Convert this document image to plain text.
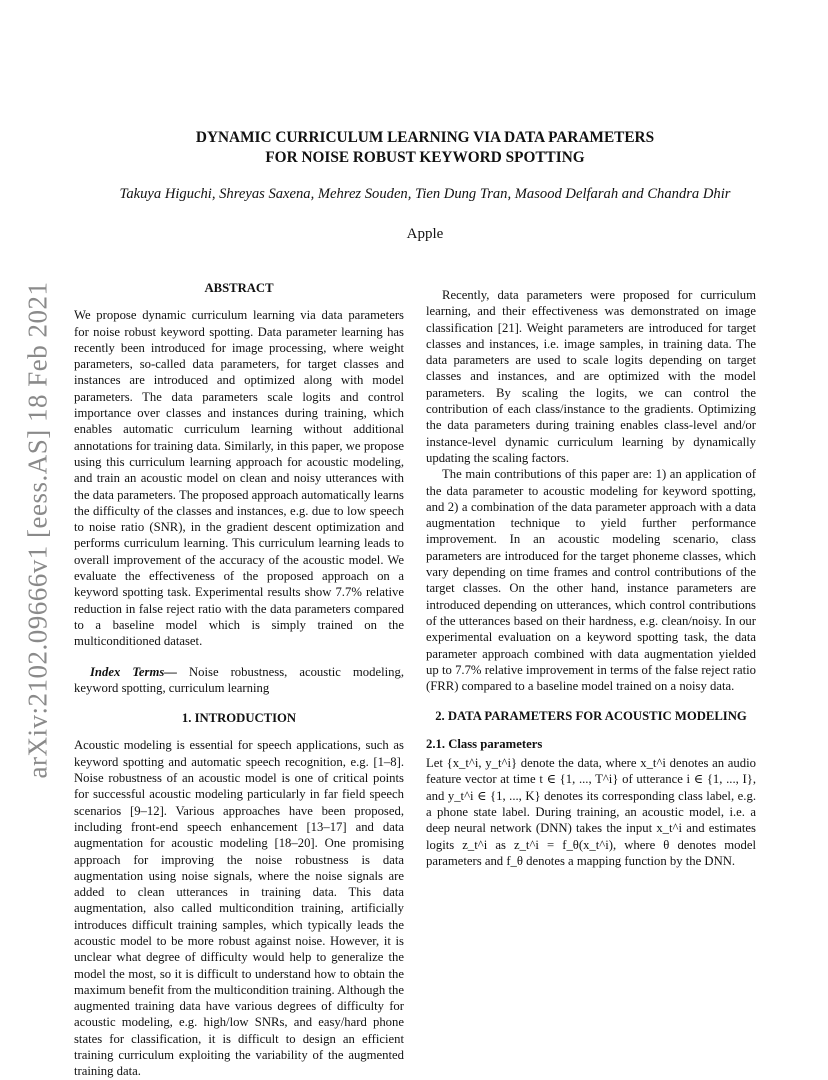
arXiv:2102.09666v1 [eess.AS] 18 Feb 2021
DYNAMIC CURRICULUM LEARNING VIA DATA PARAMETERS
FOR NOISE ROBUST KEYWORD SPOTTING
Takuya Higuchi, Shreyas Saxena, Mehrez Souden, Tien Dung Tran, Masood Delfarah and Chandra Dhir
Apple
ABSTRACT

We propose dynamic curriculum learning via data parameters for noise robust keyword spotting. Data parameter learning has recently been introduced for image processing, where weight parameters, so-called data parameters, for target classes and instances are introduced and optimized along with model parameters. The data parameters scale logits and control importance over classes and instances during training, which enables automatic curriculum learning without additional annotations for training data. Similarly, in this paper, we propose using this curriculum learning approach for acoustic modeling, and train an acoustic model on clean and noisy utterances with the data parameters. The proposed approach automatically learns the difficulty of the classes and instances, e.g. due to low speech to noise ratio (SNR), in the gradient descent optimization and performs curriculum learning. This curriculum learning leads to overall improvement of the accuracy of the acoustic model. We evaluate the effectiveness of the proposed approach on a keyword spotting task. Experimental results show 7.7% relative reduction in false reject ratio with the data parameters compared to a baseline model which is simply trained on the multiconditioned dataset.

Index Terms— Noise robustness, acoustic modeling, keyword spotting, curriculum learning

1. INTRODUCTION

Acoustic modeling is essential for speech applications, such as keyword spotting and automatic speech recognition, e.g. [1–8]. Noise robustness of an acoustic model is one of critical points for successful acoustic modeling particularly in far field speech scenarios [9–12]. Various approaches have been proposed, including front-end speech enhancement [13–17] and data augmentation for acoustic modeling [18–20]. One promising approach for improving the noise robustness is data augmentation using noise signals, where the noise signals are added to clean utterances in training data. This data augmentation, also called multicondition training, artificially introduces difficult training samples, which typically leads the acoustic model to be more robust against noise. However, it is unclear what degree of difficulty would help to generalize the model the most, so it is difficult to understand how to obtain the maximum benefit from the multicondition training. Although the augmented training data have various degrees of difficulty for acoustic modeling, e.g. high/low SNRs, and easy/hard phone states for classification, it is difficult to design an efficient training curriculum exploiting the variability of the augmented training data.

Recently, data parameters were proposed for curriculum learning, and their effectiveness was demonstrated on image classification [21]. Weight parameters are introduced for target classes and instances, i.e. image samples, in training data. The data parameters are used to scale logits depending on target classes and instances, and are optimized with the model parameters. By scaling the logits, we can control the contribution of each class/instance to the gradients. Optimizing the data parameters during training enables class-level and/or instance-level dynamic curriculum learning by dynamically updating the scaling factors.

The main contributions of this paper are: 1) an application of the data parameter to acoustic modeling for keyword spotting, and 2) a combination of the data parameter approach with a data augmentation technique to yield further performance improvement. In an acoustic modeling scenario, class parameters are introduced for the target phoneme classes, which vary depending on time frames and control contributions of the target classes. On the other hand, instance parameters are introduced depending on utterances, which control contributions of the utterances based on their hardness, e.g. clean/noisy. In our experimental evaluation on a keyword spotting task, the data parameter approach combined with data augmentation yielded up to 7.7% relative improvement in terms of the false reject ratio (FRR) compared to a baseline model trained on a noisy data.

2. DATA PARAMETERS FOR ACOUSTIC MODELING
2.1. Class parameters

Let {x_t^i, y_t^i} denote the data, where x_t^i denotes an audio feature vector at time t ∈ {1, ..., T^i} of utterance i ∈ {1, ..., I}, and y_t^i ∈ {1, ..., K} denotes its corresponding class label, e.g. a phone state label. During training, an acoustic model, i.e. a deep neural network (DNN) takes the input x_t^i and estimates logits z_t^i as z_t^i = f_θ(x_t^i), where θ denotes model parameters and f_θ denotes a mapping function by the DNN.
